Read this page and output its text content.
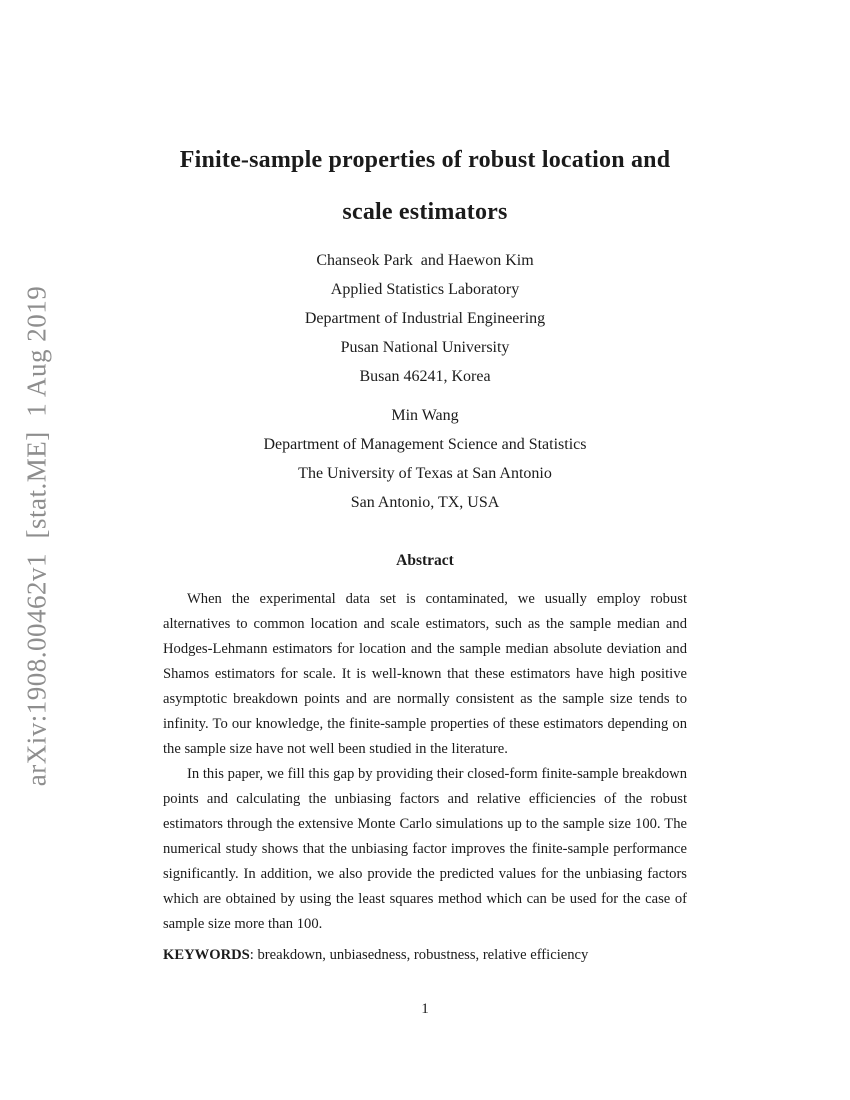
arXiv:1908.00462v1  [stat.ME]  1 Aug 2019
Finite-sample properties of robust location and
scale estimators
Chanseok Park  and Haewon Kim
Applied Statistics Laboratory
Department of Industrial Engineering
Pusan National University
Busan 46241, Korea
Min Wang
Department of Management Science and Statistics
The University of Texas at San Antonio
San Antonio, TX, USA
Abstract

When the experimental data set is contaminated, we usually employ robust alternatives to common location and scale estimators, such as the sample median and Hodges-Lehmann estimators for location and the sample median absolute deviation and Shamos estimators for scale. It is well-known that these estimators have high positive asymptotic breakdown points and are normally consistent as the sample size tends to infinity. To our knowledge, the finite-sample properties of these estimators depending on the sample size have not well been studied in the literature.

In this paper, we fill this gap by providing their closed-form finite-sample breakdown points and calculating the unbiasing factors and relative efficiencies of the robust estimators through the extensive Monte Carlo simulations up to the sample size 100. The numerical study shows that the unbiasing factor improves the finite-sample performance significantly. In addition, we also provide the predicted values for the unbiasing factors which are obtained by using the least squares method which can be used for the case of sample size more than 100.

KEYWORDS: breakdown, unbiasedness, robustness, relative efficiency
1
